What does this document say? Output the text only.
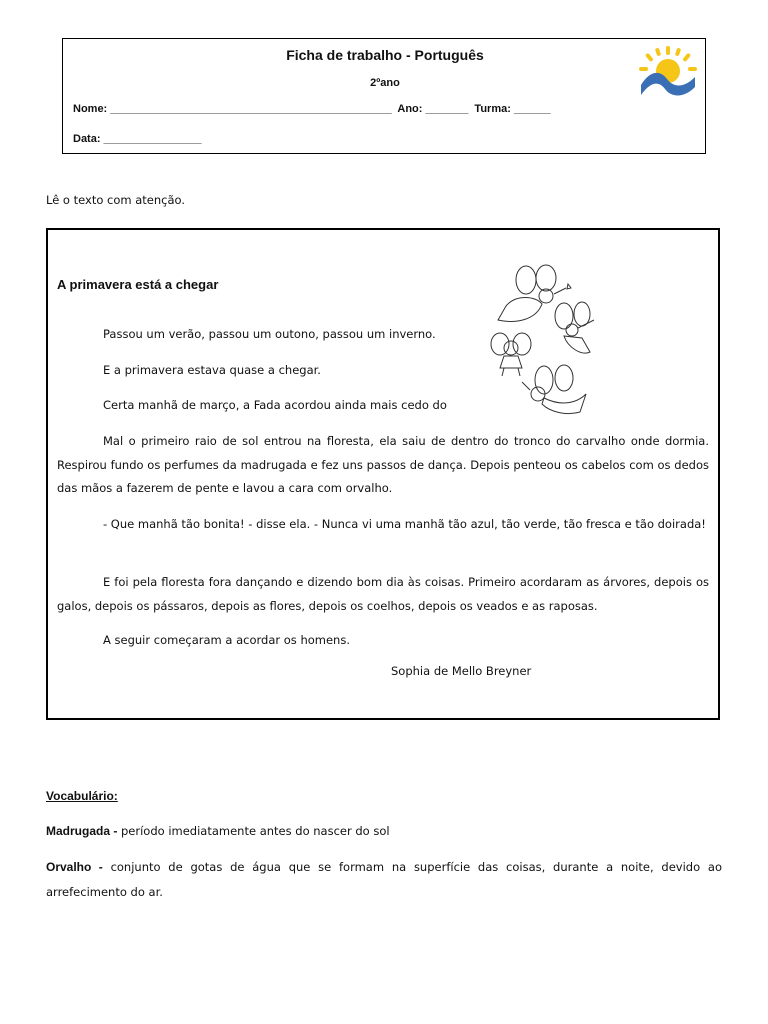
Ficha de trabalho - Português
2ºano
Nome: ______________________________________________  Ano: _______  Turma: ______
Data: ________________
Lê o texto com atenção.
A primavera está a chegar
Passou um verão, passou um outono, passou um inverno.
E a primavera estava quase a chegar.
Certa manhã de março, a Fada acordou ainda mais cedo do
Mal o primeiro raio de sol entrou na floresta, ela saiu de dentro do tronco do carvalho onde dormia. Respirou fundo os perfumes da madrugada e fez uns passos de dança. Depois penteou os cabelos com os dedos das mãos a fazerem de pente e lavou a cara com orvalho.
- Que manhã tão bonita! - disse ela. - Nunca vi uma manhã tão azul, tão verde, tão fresca e tão doirada!
E foi pela floresta fora dançando e dizendo bom dia às coisas. Primeiro acordaram as árvores, depois os galos, depois os pássaros, depois as flores, depois os coelhos, depois os veados e as raposas.
A seguir começaram a acordar os homens.
Sophia de Mello Breyner
Vocabulário:
Madrugada - período imediatamente antes do nascer do sol
Orvalho - conjunto de gotas de água que se formam na superfície das coisas, durante a noite, devido ao arrefecimento do ar.
